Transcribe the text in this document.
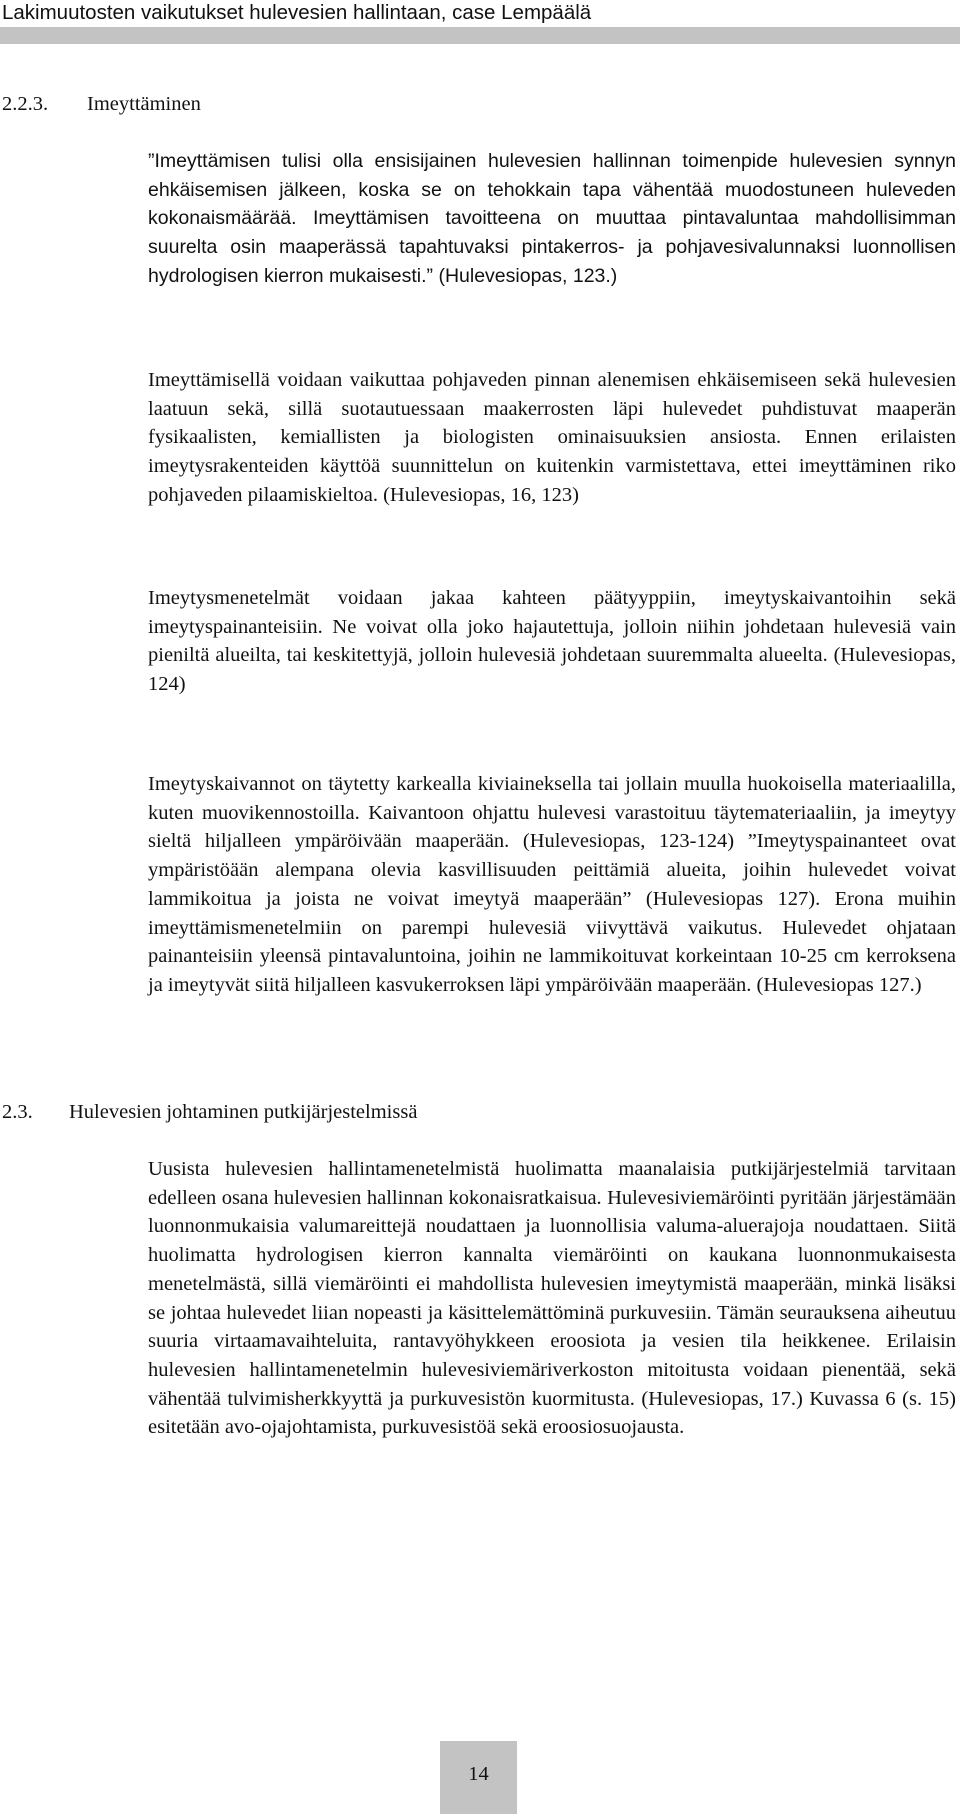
Lakimuutosten vaikutukset hulevesien hallintaan, case Lempäälä
2.2.3. Imeyttäminen
”Imeyttämisen tulisi olla ensisijainen hulevesien hallinnan toimenpide hulevesien synnyn ehkäisemisen jälkeen, koska se on tehokkain tapa vähentää muodostuneen huleveden kokonaismäärää. Imeyttämisen tavoitteena on muuttaa pintavaluntaa mahdollisimman suurelta osin maaperässä tapahtuvaksi pintakerros- ja pohjavesivalunnaksi luonnollisen hydrologisen kierron mukaisesti.” (Hulevesiopas, 123.)
Imeyttämisellä voidaan vaikuttaa pohjaveden pinnan alenemisen ehkäisemiseen sekä hulevesien laatuun sekä, sillä suotautuessaan maakerrosten läpi hulevedet puhdistuvat maaperän fysikaalisten, kemiallisten ja biologisten ominaisuuksien ansiosta. Ennen erilaisten imeytysrakenteiden käyttöä suunnittelun on kuitenkin varmistettava, ettei imeyttäminen riko pohjaveden pilaamiskieltoa. (Hulevesiopas, 16, 123)
Imeytysmenetelmät voidaan jakaa kahteen päätyyppiin, imeytyskaivantoihin sekä imeytyspainanteisiin. Ne voivat olla joko hajautettuja, jolloin niihin johdetaan hulevesiä vain pieniltä alueilta, tai keskitettyjä, jolloin hulevesiä johdetaan suuremmalta alueelta. (Hulevesiopas, 124)
Imeytyskaivannot on täytetty karkealla kiviaineksella tai jollain muulla huokoisella materiaalilla, kuten muovikennostoilla. Kaivantoon ohjattu hulevesi varastoituu täytemateriaaliin, ja imeytyy sieltä hiljalleen ympäröivään maaperään. (Hulevesiopas, 123-124) ”Imeytyspainanteet ovat ympäristöään alempana olevia kasvillisuuden peittämiä alueita, joihin hulevedet voivat lammikoitua ja joista ne voivat imeytyä maaperään” (Hulevesiopas 127). Erona muihin imeyttämismenetelmiin on parempi hulevesiä viivyttävä vaikutus. Hulevedet ohjataan painanteisiin yleensä pintavaluntoina, joihin ne lammikoituvat korkeintaan 10-25 cm kerroksena ja imeytyvät siitä hiljalleen kasvukerroksen läpi ympäröivään maaperään. (Hulevesiopas 127.)
2.3. Hulevesien johtaminen putkijärjestelmissä
Uusista hulevesien hallintamenetelmistä huolimatta maanalaisia putkijärjestelmiä tarvitaan edelleen osana hulevesien hallinnan kokonaisratkaisua. Hulevesiviemäröinti pyritään järjestämään luonnonmukaisia valumareittejä noudattaen ja luonnollisia valuma-aluerajoja noudattaen. Siitä huolimatta hydrologisen kierron kannalta viemäröinti on kaukana luonnonmukaisesta menetelmästä, sillä viemäröinti ei mahdollista hulevesien imeytymistä maaperään, minkä lisäksi se johtaa hulevedet liian nopeasti ja käsittelemättöminä purkuvesiin. Tämän seurauksena aiheutuu suuria virtaamavaihteluita, rantavyöhykkeen eroosiota ja vesien tila heikkenee. Erilaisin hulevesien hallintamenetelmin hulevesiviemäriverkoston mitoitusta voidaan pienentää, sekä vähentää tulvimisherkkyyttä ja purkuvesistön kuormitusta. (Hulevesiopas, 17.) Kuvassa 6 (s. 15) esitetään avo-ojajohtamista, purkuvesistöä sekä eroosiosuojausta.
14
